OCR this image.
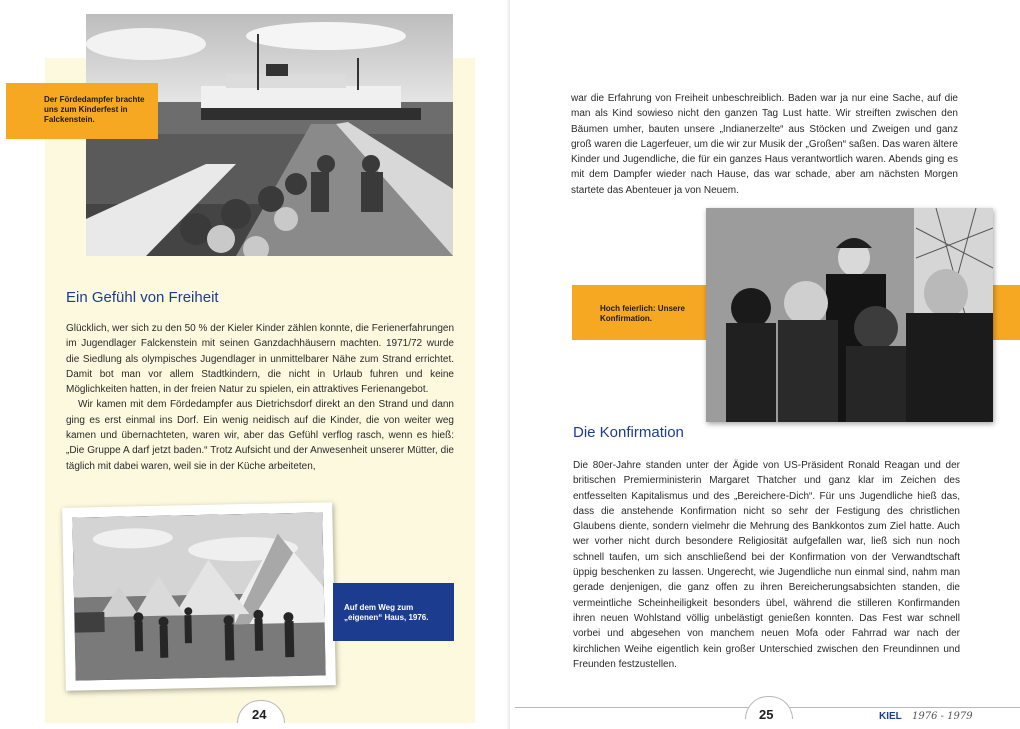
Der Fördedampfer brachte uns zum Kinderfest in Falckenstein.
Ein Gefühl von Freiheit

Glücklich, wer sich zu den 50 % der Kieler Kinder zählen konnte, die Ferienerfahrungen im Jugendlager Falckenstein mit seinen Ganzdachhäusern machten. 1971/72 wurde die Siedlung als olympisches Jugendlager in unmittelbarer Nähe zum Strand errichtet. Damit bot man vor allem Stadtkindern, die nicht in Urlaub fuhren und keine Möglichkeiten hatten, in der freien Natur zu spielen, ein attraktives Ferienangebot.

Wir kamen mit dem Fördedampfer aus Dietrichsdorf direkt an den Strand und dann ging es erst einmal ins Dorf. Ein wenig neidisch auf die Kinder, die von weiter weg kamen und übernachteten, waren wir, aber das Gefühl verflog rasch, wenn es hieß: „Die Gruppe A darf jetzt baden.“ Trotz Aufsicht und der Anwesenheit unserer Mütter, die täglich mit dabei waren, weil sie in der Küche arbeiteten,

Auf dem Weg zum „eigenen“ Haus, 1976.
24

war die Erfahrung von Freiheit unbeschreiblich. Baden war ja nur eine Sache, auf die man als Kind sowieso nicht den ganzen Tag Lust hatte. Wir streiften zwischen den Bäumen umher, bauten unsere „Indianerzelte“ aus Stöcken und Zweigen und ganz groß waren die Lagerfeuer, um die wir zur Musik der „Großen“ saßen. Das waren ältere Kinder und Jugendliche, die für ein ganzes Haus verantwortlich waren. Abends ging es mit dem Dampfer wieder nach Hause, das war schade, aber am nächsten Morgen startete das Abenteuer ja von Neuem.

Hoch feierlich: Unsere Konfirmation.
Die Konfirmation

Die 80er-Jahre standen unter der Ägide von US-Präsident Ronald Reagan und der britischen Premierministerin Margaret Thatcher und ganz klar im Zeichen des entfesselten Kapitalismus und des „Bereichere-Dich“. Für uns Jugendliche hieß das, dass die anstehende Konfirmation nicht so sehr der Festigung des christlichen Glaubens diente, sondern vielmehr die Mehrung des Bankkontos zum Ziel hatte. Auch wer vorher nicht durch besondere Religiosität aufgefallen war, ließ sich nun noch schnell taufen, um sich anschließend bei der Konfirmation von der Verwandtschaft üppig beschenken zu lassen. Ungerecht, wie Jugendliche nun einmal sind, nahm man gerade denjenigen, die ganz offen zu ihren Bereicherungsabsichten standen, die vermeintliche Scheinheiligkeit besonders übel, während die stilleren Konfirmanden ihren neuen Wohlstand völlig unbelästigt genießen konnten. Das Fest war schnell vorbei und abgesehen von manchem neuen Mofa oder Fahrrad war nach der kirchlichen Weihe eigentlich kein großer Unterschied zwischen den Freundinnen und Freunden festzustellen.

25	KIEL 1976 - 1979
